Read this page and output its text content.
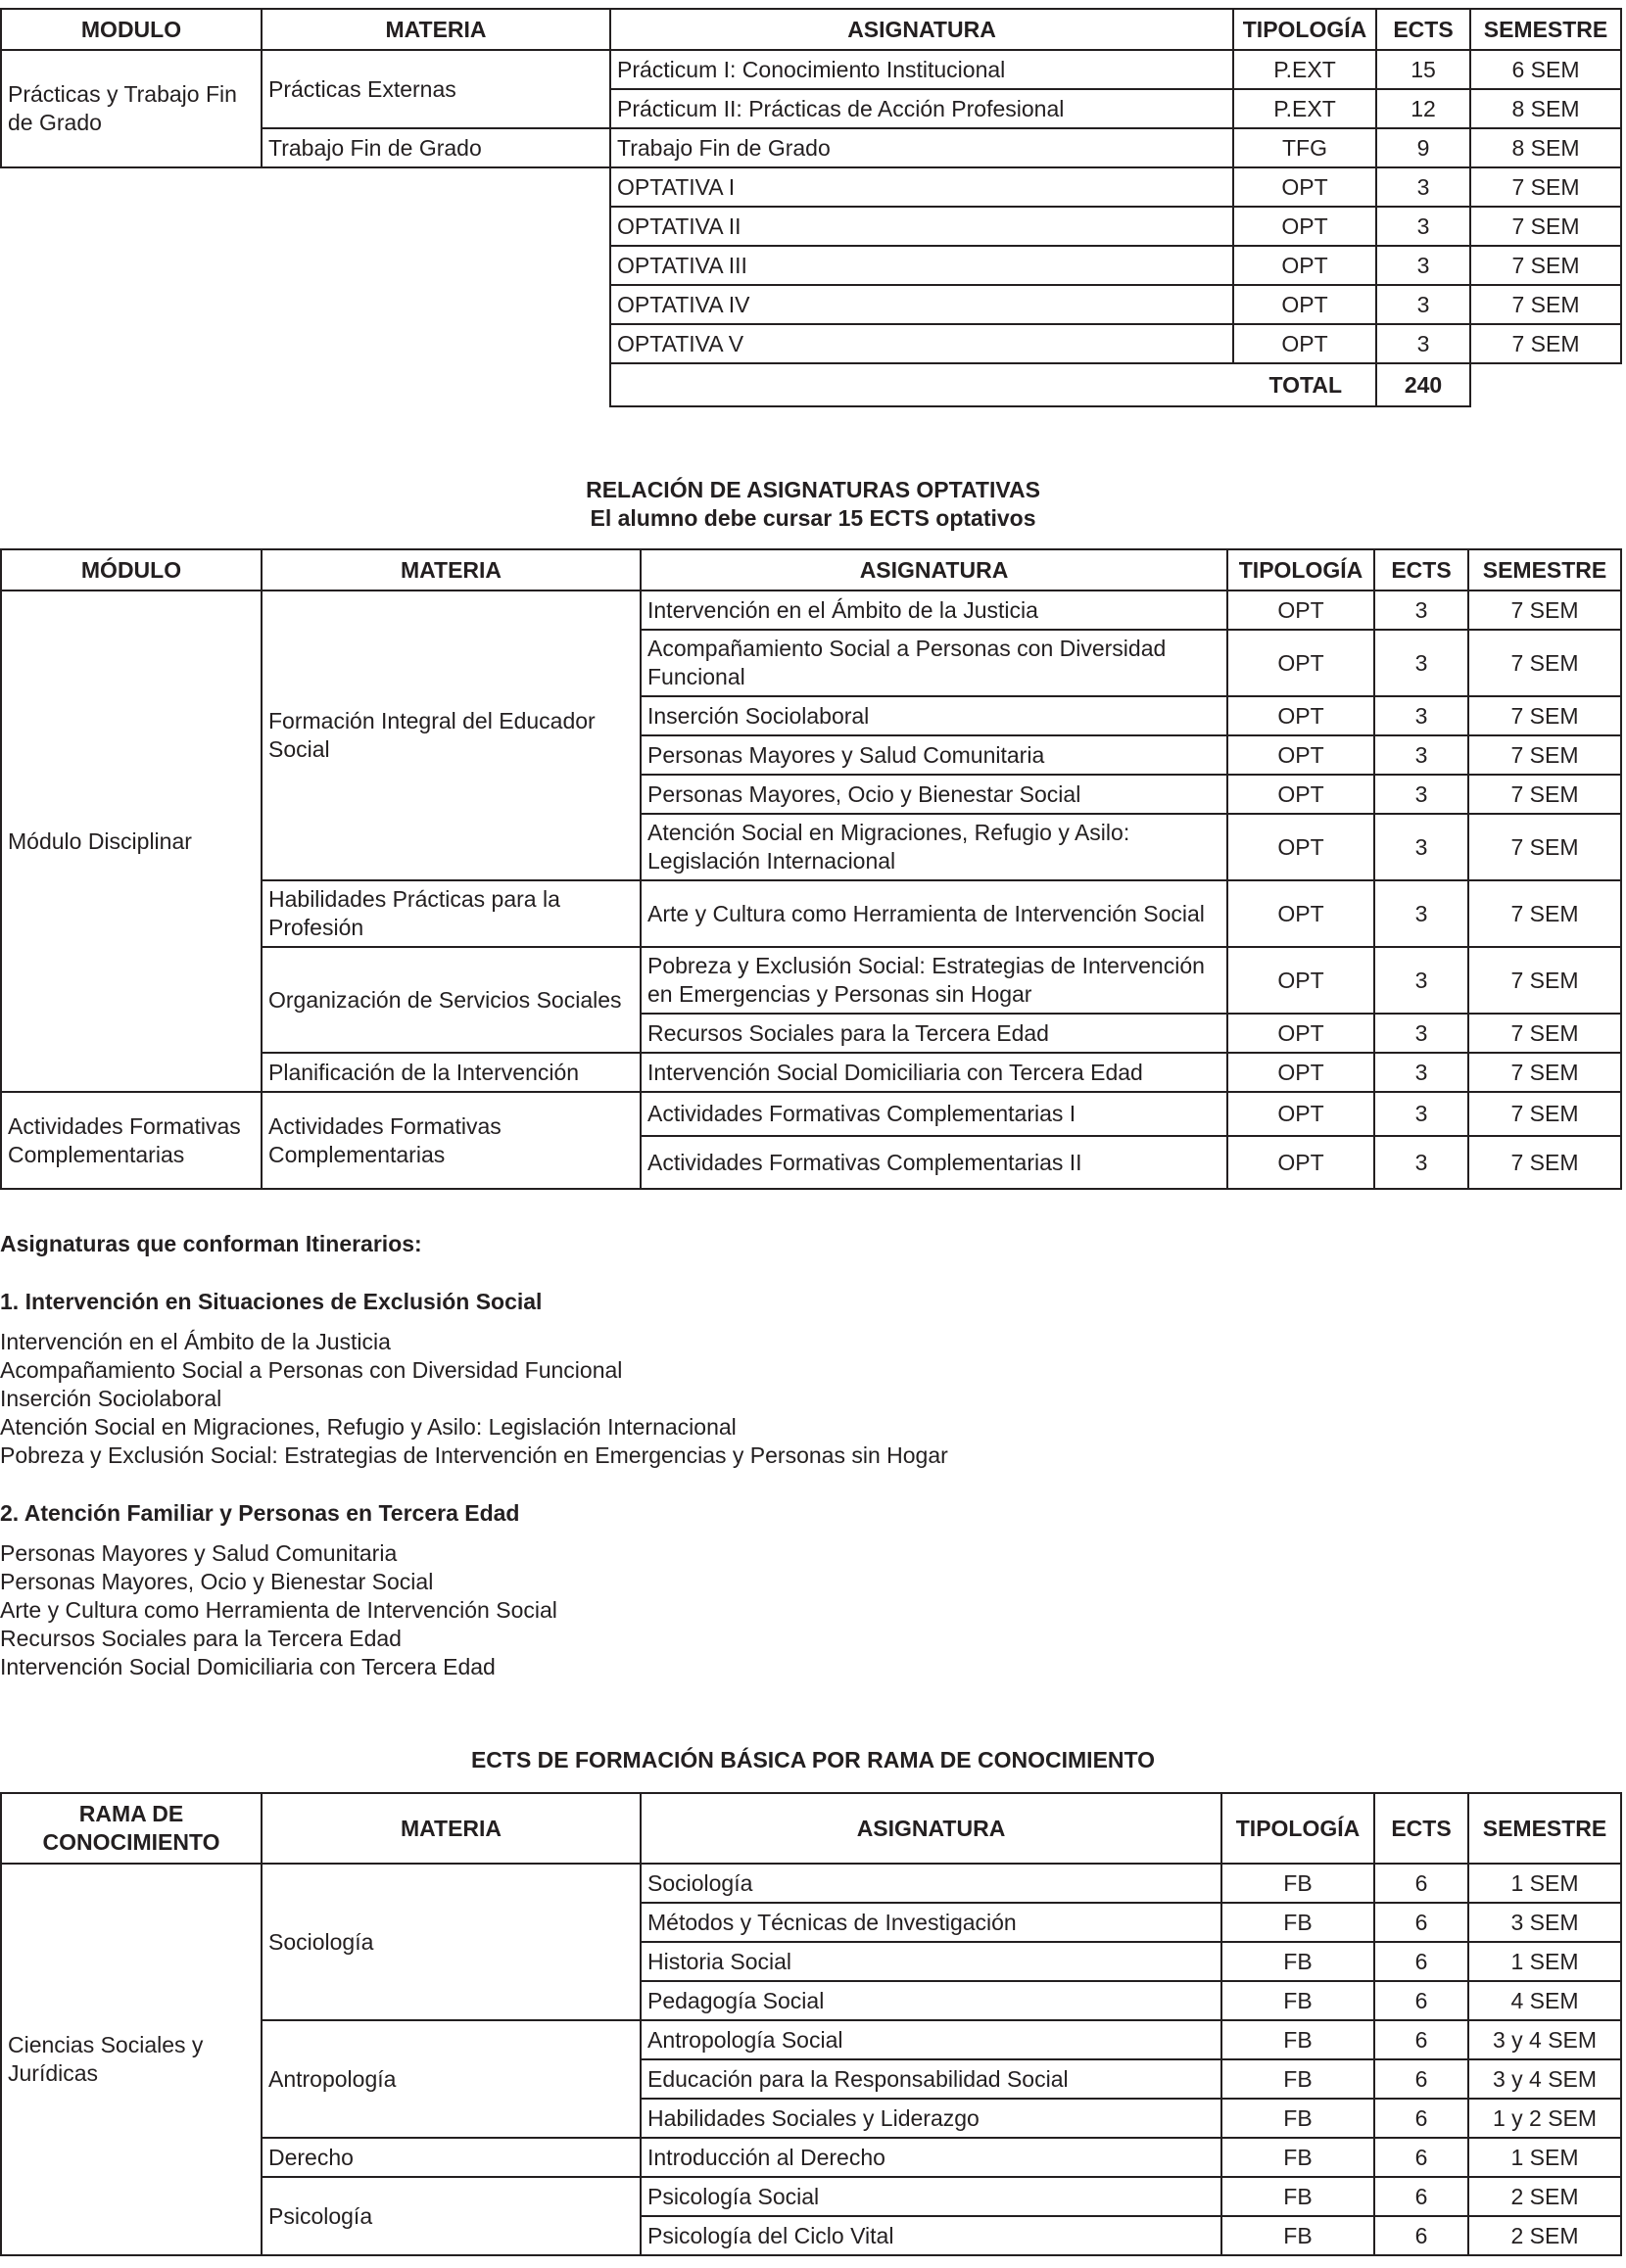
MODULO	MATERIA	ASIGNATURA	TIPOLOGÍA	ECTS	SEMESTRE
Prácticas y Trabajo Fin de Grado	Prácticas Externas	Prácticum I: Conocimiento Institucional	P.EXT	15	6 SEM
		Prácticum II: Prácticas de Acción Profesional	P.EXT	12	8 SEM
	Trabajo Fin de Grado	Trabajo Fin de Grado	TFG	9	8 SEM
		OPTATIVA I	OPT	3	7 SEM
		OPTATIVA II	OPT	3	7 SEM
		OPTATIVA III	OPT	3	7 SEM
		OPTATIVA IV	OPT	3	7 SEM
		OPTATIVA V	OPT	3	7 SEM
		TOTAL		240	
RELACIÓN DE ASIGNATURAS OPTATIVAS
El alumno debe cursar 15 ECTS optativos
MÓDULO	MATERIA	ASIGNATURA	TIPOLOGÍA	ECTS	SEMESTRE
Módulo Disciplinar	Formación Integral del Educador Social	Intervención en el Ámbito de la Justicia	OPT	3	7 SEM
		Acompañamiento Social a Personas con Diversidad Funcional	OPT	3	7 SEM
		Inserción Sociolaboral	OPT	3	7 SEM
		Personas Mayores y Salud Comunitaria	OPT	3	7 SEM
		Personas Mayores, Ocio y Bienestar Social	OPT	3	7 SEM
		Atención Social en Migraciones, Refugio y Asilo: Legislación Internacional	OPT	3	7 SEM
	Habilidades Prácticas para la Profesión	Arte y Cultura como Herramienta de Intervención Social	OPT	3	7 SEM
	Organización de Servicios Sociales	Pobreza y Exclusión Social: Estrategias de Intervención en Emergencias y Personas sin Hogar	OPT	3	7 SEM
		Recursos Sociales para la Tercera Edad	OPT	3	7 SEM
	Planificación de la Intervención	Intervención Social Domiciliaria con Tercera Edad	OPT	3	7 SEM
Actividades Formativas Complementarias	Actividades Formativas Complementarias	Actividades Formativas Complementarias I	OPT	3	7 SEM
		Actividades Formativas Complementarias II	OPT	3	7 SEM
Asignaturas que conforman Itinerarios:
1. Intervención en Situaciones de Exclusión Social
Intervención en el Ámbito de la Justicia
Acompañamiento Social a Personas con Diversidad Funcional
Inserción Sociolaboral
Atención Social en Migraciones, Refugio y Asilo: Legislación Internacional
Pobreza y Exclusión Social: Estrategias de Intervención en Emergencias y Personas sin Hogar
2. Atención Familiar y Personas en Tercera Edad
Personas Mayores y Salud Comunitaria
Personas Mayores, Ocio y Bienestar Social
Arte y Cultura como Herramienta de Intervención Social
Recursos Sociales para la Tercera Edad
Intervención Social Domiciliaria con Tercera Edad
ECTS DE FORMACIÓN BÁSICA POR RAMA DE CONOCIMIENTO
RAMA DE CONOCIMIENTO	MATERIA	ASIGNATURA	TIPOLOGÍA	ECTS	SEMESTRE
Ciencias Sociales y Jurídicas	Sociología	Sociología	FB	6	1 SEM
		Métodos y Técnicas de Investigación	FB	6	3 SEM
		Historia Social	FB	6	1 SEM
		Pedagogía Social	FB	6	4 SEM
	Antropología	Antropología Social	FB	6	3 y 4 SEM
		Educación para la Responsabilidad Social	FB	6	3 y 4 SEM
		Habilidades Sociales y Liderazgo	FB	6	1 y 2 SEM
	Derecho	Introducción al Derecho	FB	6	1 SEM
	Psicología	Psicología Social	FB	6	2 SEM
		Psicología del Ciclo Vital	FB	6	2 SEM
